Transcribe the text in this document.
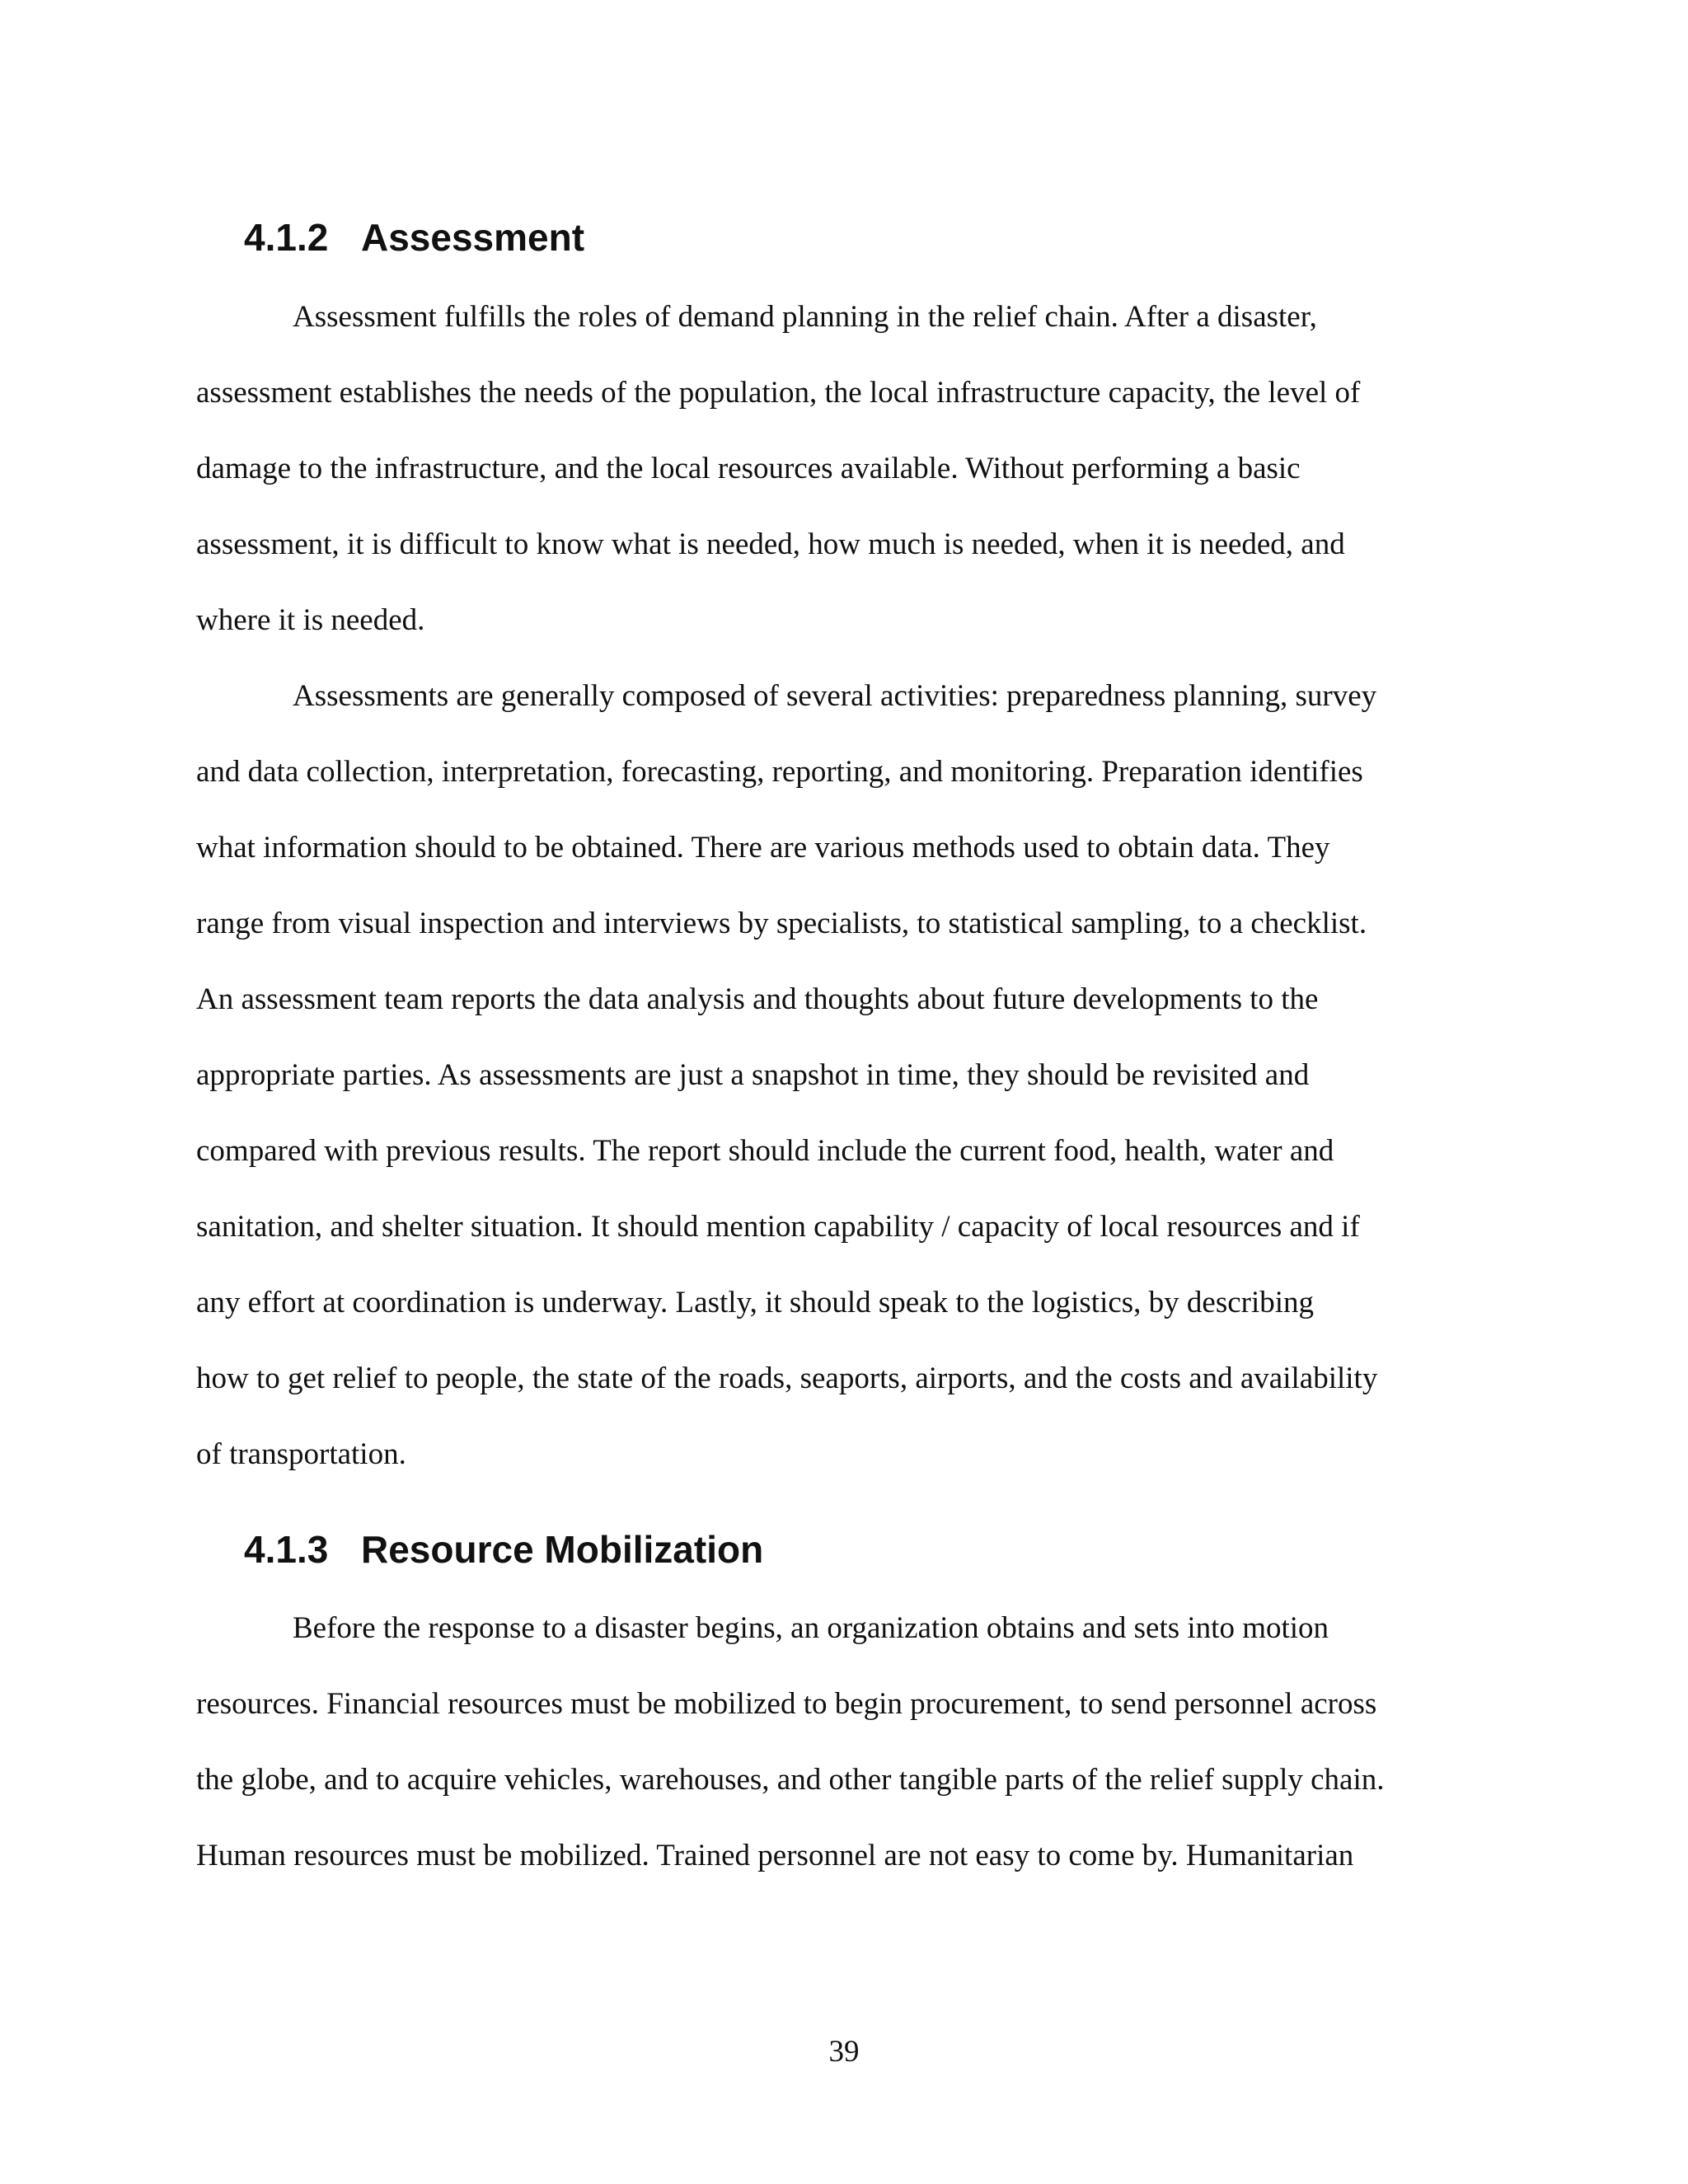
4.1.2 Assessment
Assessment fulfills the roles of demand planning in the relief chain. After a disaster,
assessment establishes the needs of the population, the local infrastructure capacity, the level of
damage to the infrastructure, and the local resources available. Without performing a basic
assessment, it is difficult to know what is needed, how much is needed, when it is needed, and
where it is needed.
Assessments are generally composed of several activities: preparedness planning, survey
and data collection, interpretation, forecasting, reporting, and monitoring. Preparation identifies
what information should to be obtained. There are various methods used to obtain data. They
range from visual inspection and interviews by specialists, to statistical sampling, to a checklist.
An assessment team reports the data analysis and thoughts about future developments to the
appropriate parties. As assessments are just a snapshot in time, they should be revisited and
compared with previous results. The report should include the current food, health, water and
sanitation, and shelter situation. It should mention capability / capacity of local resources and if
any effort at coordination is underway. Lastly, it should speak to the logistics, by describing
how to get relief to people, the state of the roads, seaports, airports, and the costs and availability
of transportation.
4.1.3 Resource Mobilization
Before the response to a disaster begins, an organization obtains and sets into motion
resources. Financial resources must be mobilized to begin procurement, to send personnel across
the globe, and to acquire vehicles, warehouses, and other tangible parts of the relief supply chain.
Human resources must be mobilized. Trained personnel are not easy to come by. Humanitarian
39
